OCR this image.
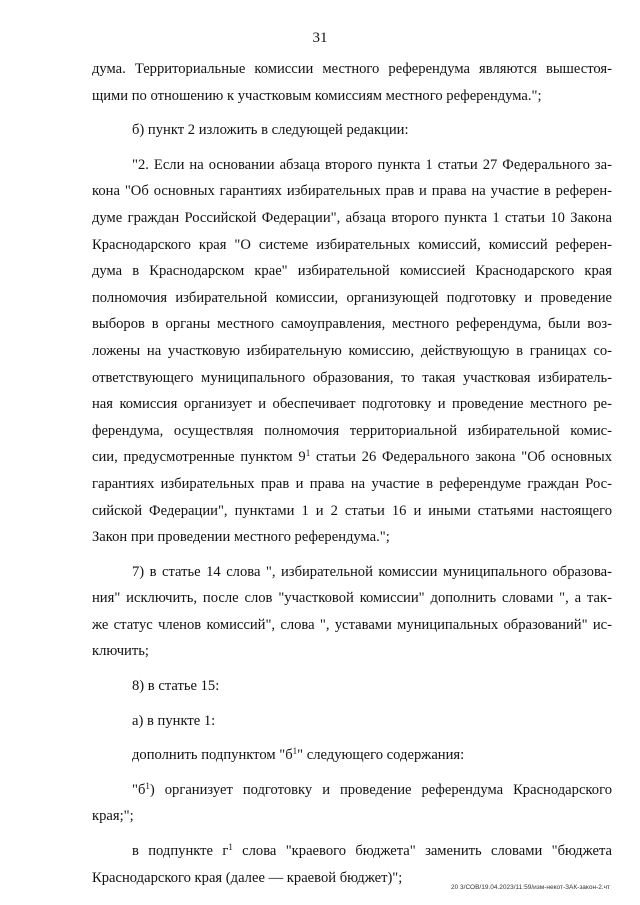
31
дума. Территориальные комиссии местного референдума являются вышестоя-
щими по отношению к участковым комиссиям местного референдума.";
б) пункт 2 изложить в следующей редакции:
"2. Если на основании абзаца второго пункта 1 статьи 27 Федерального за-
кона "Об основных гарантиях избирательных прав и права на участие в референ-
думе граждан Российской Федерации", абзаца второго пункта 1 статьи 10 Закона
Краснодарского края "О системе избирательных комиссий, комиссий референ-
дума в Краснодарском крае" избирательной комиссией Краснодарского края
полномочия избирательной комиссии, организующей подготовку и проведение
выборов в органы местного самоуправления, местного референдума, были воз-
ложены на участковую избирательную комиссию, действующую в границах со-
ответствующего муниципального образования, то такая участковая избиратель-
ная комиссия организует и обеспечивает подготовку и проведение местного ре-
ферендума, осуществляя полномочия территориальной избирательной комис-
сии, предусмотренные пунктом $9^1$ статьи 26 Федерального закона "Об основных
гарантиях избирательных прав и права на участие в референдуме граждан Рос-
сийской Федерации", пунктами 1 и 2 статьи 16 и иными статьями настоящего
Закон при проведении местного референдума.";
7) в статье 14 слова ", избирательной комиссии муниципального образова-
ния" исключить, после слов "участковой комиссии" дополнить словами ", а так-
же статус членов комиссий", слова ", уставами муниципальных образований" ис-
ключить;
8) в статье 15:
а) в пункте 1:
дополнить подпунктом "$б^1$" следующего содержания:
"$б^1$) организует подготовку и проведение референдума Краснодарского
края;";
в подпункте $г^1$ слова "краевого бюджета" заменить словами "бюджета
Краснодарского края (далее — краевой бюджет)";
20 3/СОВ/19.04.2023/11:59/изм-некот-ЗАК-закон-2.чт
